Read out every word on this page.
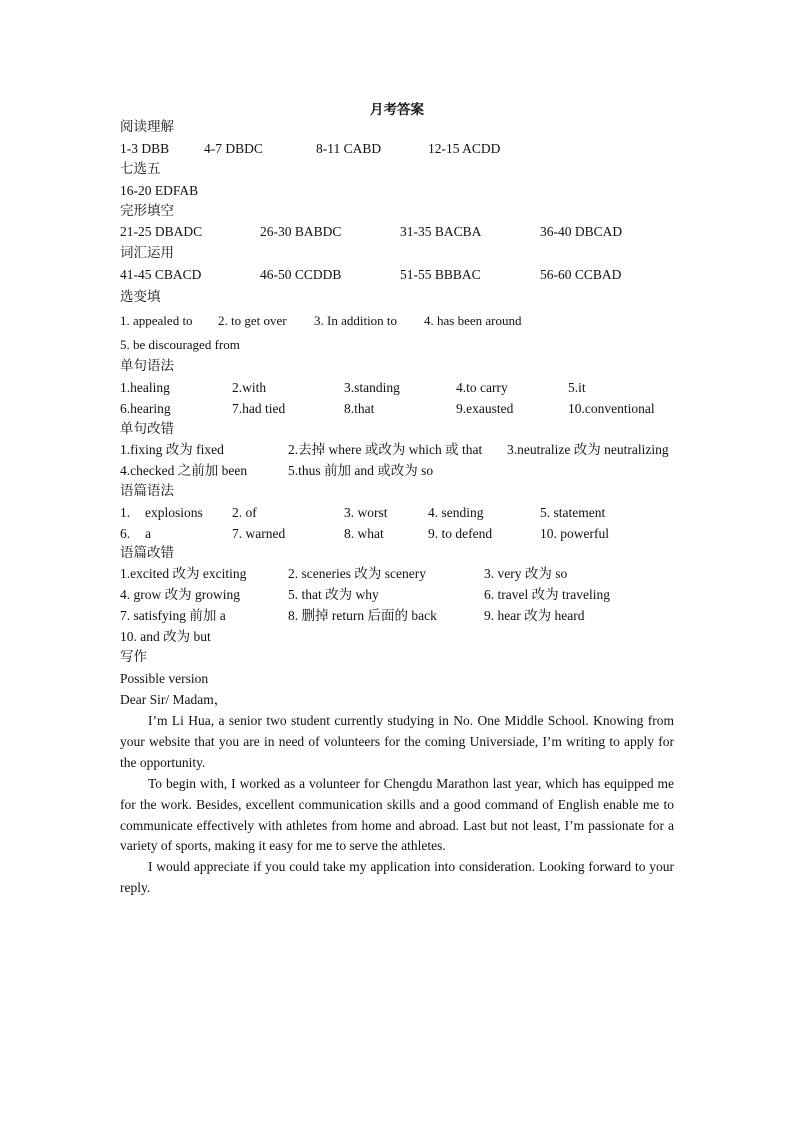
月考答案
阅读理解
1-3 DBB	4-7 DBDC	8-11 CABD	12-15 ACDD
七选五
16-20 EDFAB
完形填空
21-25 DBADC	26-30 BABDC	31-35 BACBA	36-40 DBCAD
词汇运用
41-45 CBACD	46-50 CCDDB	51-55 BBBAC	56-60 CCBAD
选变填
1. appealed to 2. to get over 3. In addition to 4. has been around
5. be discouraged from
单句语法
1.healing	2.with	3.standing	4.to carry	5.it
6.hearing	7.had tied	8.that	9.exausted	10.conventional
单句改错
1.fixing 改为 fixed	2.去掉 where 或改为 which 或 that 3.neutralize 改为 neutralizing
4.checked 之前加 been	5.thus 前加 and 或改为 so
语篇语法
1. explosions 2. of	3. worst	4. sending	5. statement
6. a	7. warned	8. what	9. to defend	10. powerful
语篇改错
1.excited 改为 exciting	2. sceneries 改为 scenery	3. very 改为 so
4. grow 改为 growing	5. that 改为 why	6. travel 改为 traveling
7. satisfying 前加 a	8. 删掉 return 后面的 back	9. hear 改为 heard
10. and 改为 but
写作
Possible version
Dear Sir/ Madam，
I’m Li Hua, a senior two student currently studying in No. One Middle School. Knowing from your website that you are in need of volunteers for the coming Universiade, I’m writing to apply for the opportunity.
To begin with, I worked as a volunteer for Chengdu Marathon last year, which has equipped me for the work. Besides, excellent communication skills and a good command of English enable me to communicate effectively with athletes from home and abroad. Last but not least, I’m passionate for a variety of sports, making it easy for me to serve the athletes.
I would appreciate if you could take my application into consideration. Looking forward to your reply.
